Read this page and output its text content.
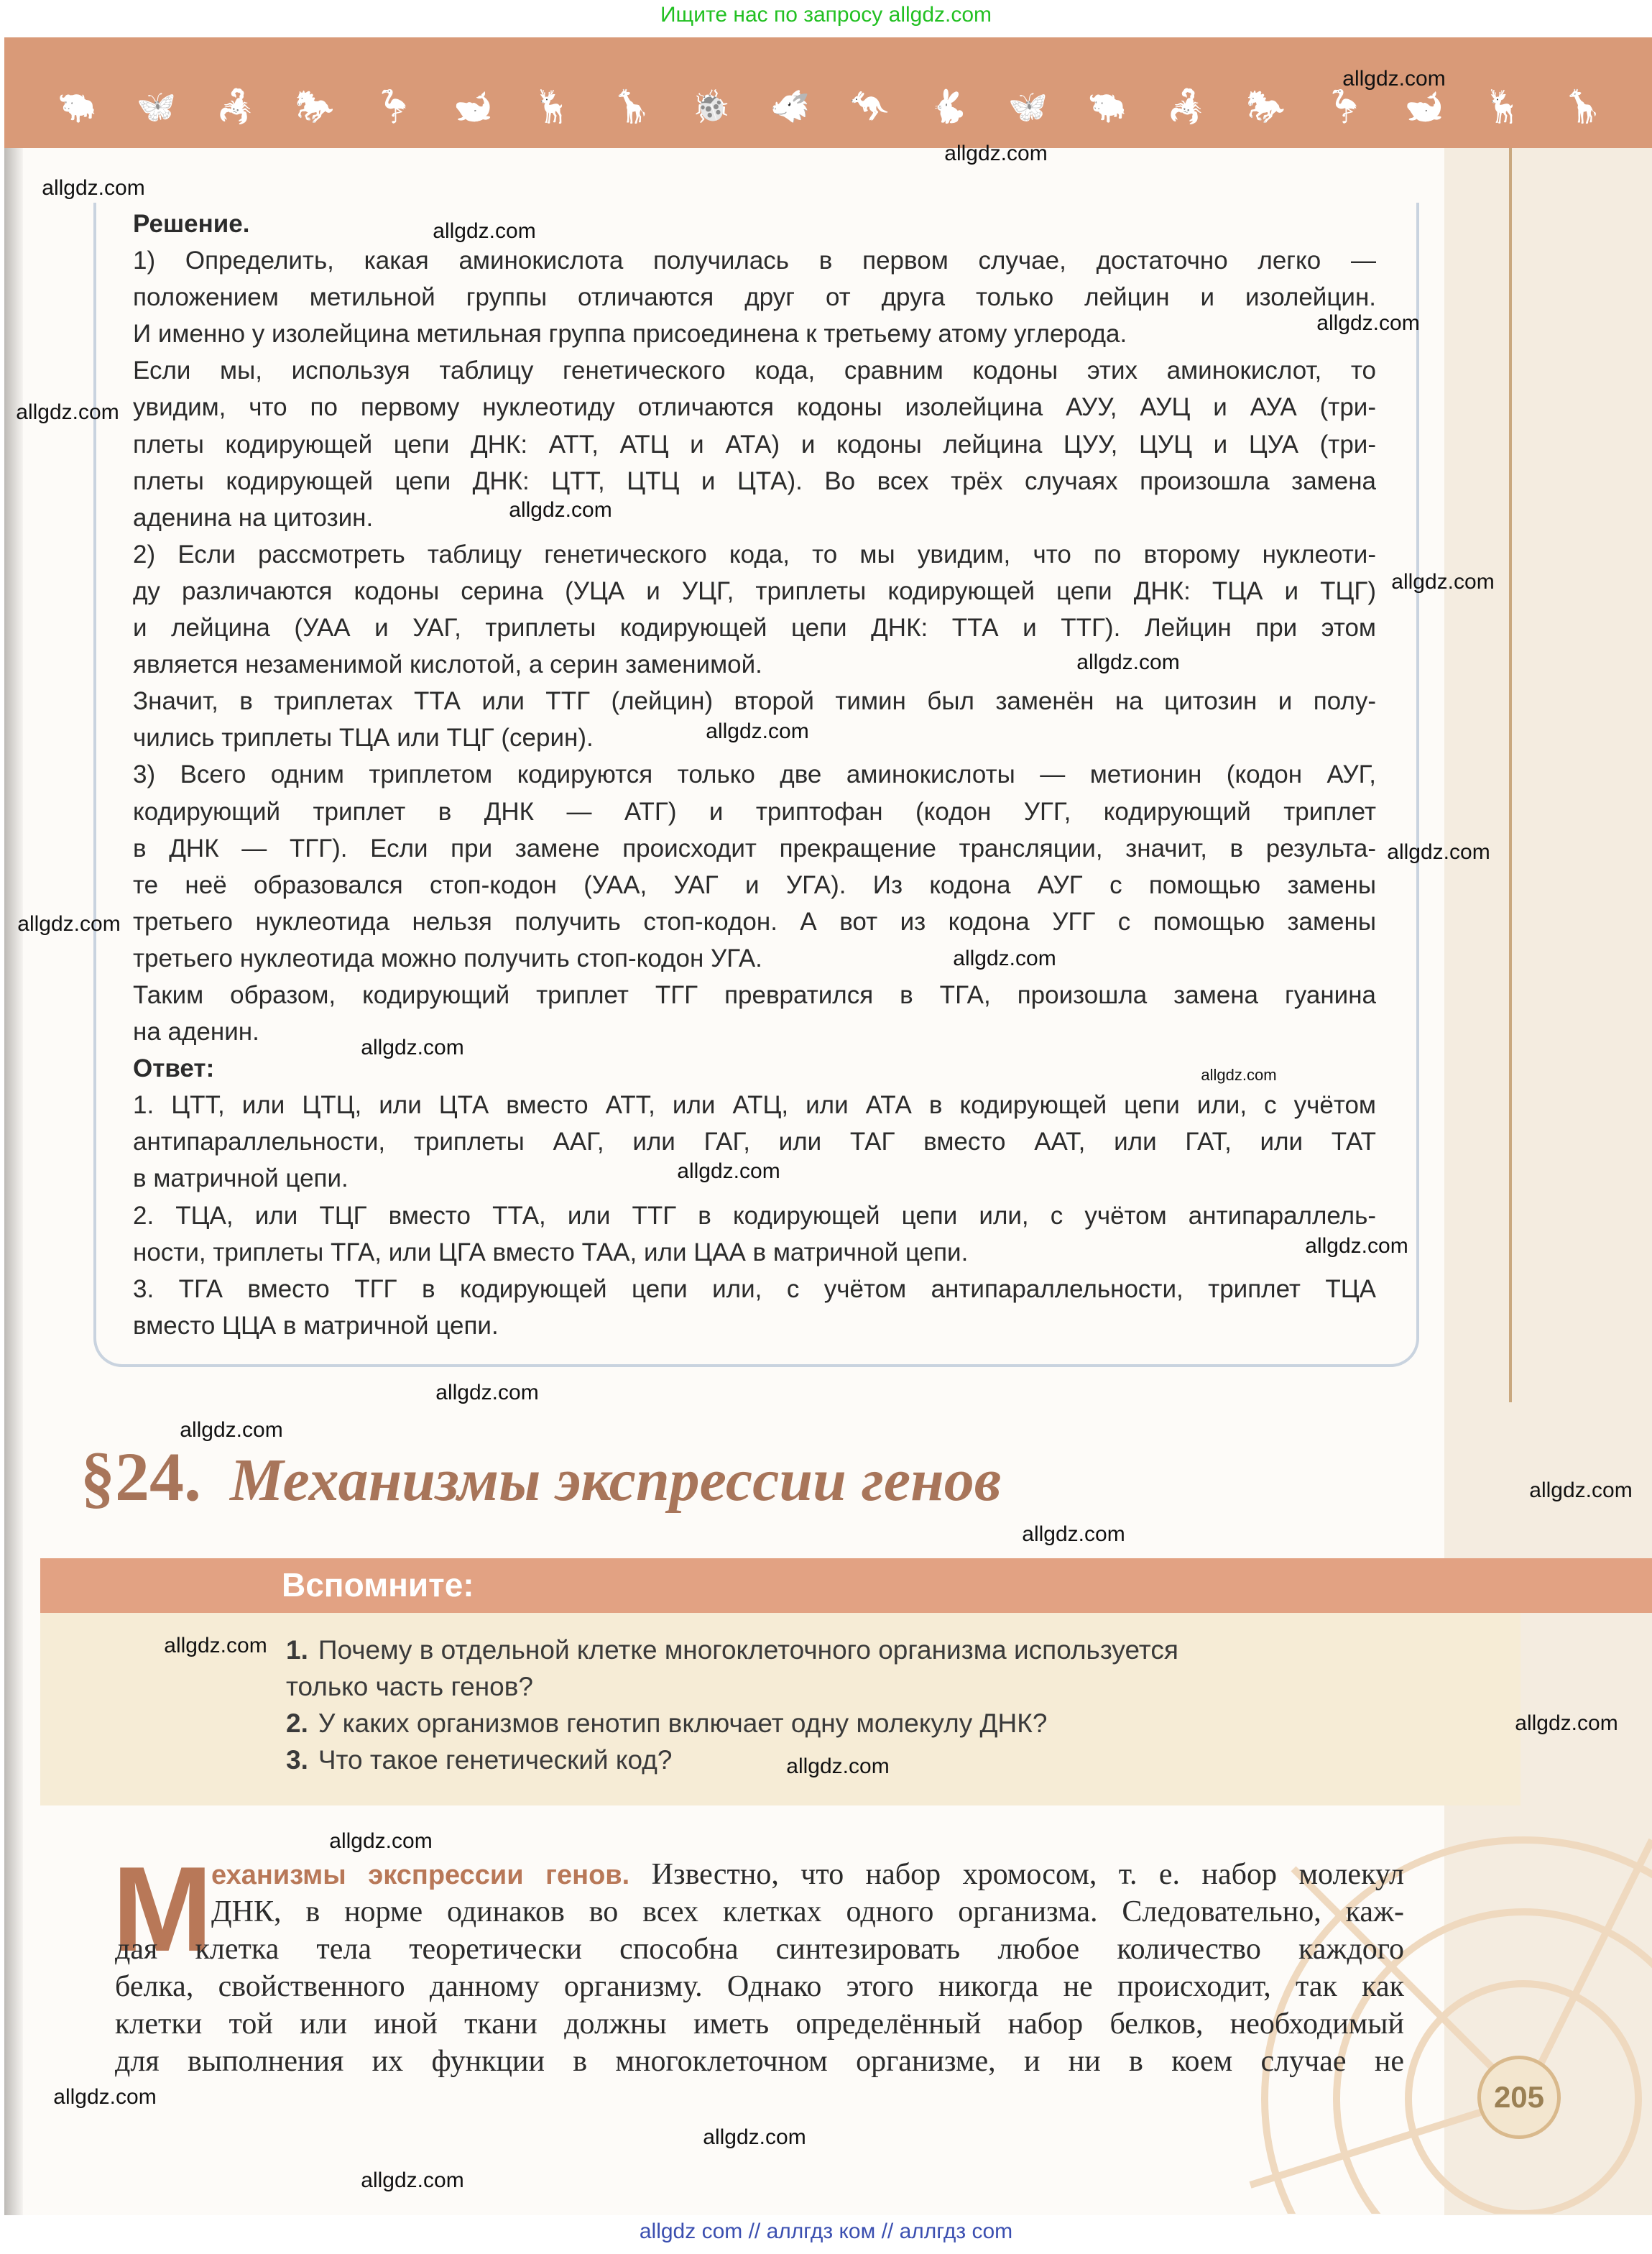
Ищите нас по запросу allgdz.com
🐃 🦋 🦂 🐎 🦩 🐋 🦌 🦒 🐞 🐗 🦘 🐇 🦋 🐃 🦂 🐎 🦩 🐋 🦌 🦒
Решение.
1) Определить, какая аминокислота получилась в первом случае, достаточно легко —
положением метильной группы отличаются друг от друга только лейцин и изолейцин.
И именно у изолейцина метильная группа присоединена к третьему атому углерода.
Если мы, используя таблицу генетического кода, сравним кодоны этих аминокислот, то
увидим, что по первому нуклеотиду отличаются кодоны изолейцина АУУ, АУЦ и АУА (три-
плеты кодирующей цепи ДНК: АТТ, АТЦ и АТА) и кодоны лейцина ЦУУ, ЦУЦ и ЦУА (три-
плеты кодирующей цепи ДНК: ЦТТ, ЦТЦ и ЦТА). Во всех трёх случаях произошла замена
аденина на цитозин.
2) Если рассмотреть таблицу генетического кода, то мы увидим, что по второму нуклеоти-
ду различаются кодоны серина (УЦА и УЦГ, триплеты кодирующей цепи ДНК: ТЦА и ТЦГ)
и лейцина (УАА и УАГ, триплеты кодирующей цепи ДНК: ТТА и ТТГ). Лейцин при этом
является незаменимой кислотой, а серин заменимой.
Значит, в триплетах ТТА или ТТГ (лейцин) второй тимин был заменён на цитозин и полу-
чились триплеты ТЦА или ТЦГ (серин).
3) Всего одним триплетом кодируются только две аминокислоты — метионин (кодон АУГ,
кодирующий триплет в ДНК — АТГ) и триптофан (кодон УГГ, кодирующий триплет
в ДНК — ТГГ). Если при замене происходит прекращение трансляции, значит, в результа-
те неё образовался стоп-кодон (УАА, УАГ и УГА). Из кодона АУГ с помощью замены
третьего нуклеотида нельзя получить стоп-кодон. А вот из кодона УГГ с помощью замены
третьего нуклеотида можно получить стоп-кодон УГА.
Таким образом, кодирующий триплет ТГГ превратился в ТГА, произошла замена гуанина
на аденин.
Ответ:
1. ЦТТ, или ЦТЦ, или ЦТА вместо АТТ, или АТЦ, или АТА в кодирующей цепи или, с учётом
антипараллельности, триплеты ААГ, или ГАГ, или ТАГ вместо ААТ, или ГАТ, или ТАТ
в матричной цепи.
2. ТЦА, или ТЦГ вместо ТТА, или ТТГ в кодирующей цепи или, с учётом антипараллель-
ности, триплеты ТГА, или ЦГА вместо ТАА, или ЦАА в матричной цепи.
3. ТГА вместо ТГГ в кодирующей цепи или, с учётом антипараллельности, триплет ТЦА
вместо ЦЦА в матричной цепи.
§24. Механизмы экспрессии генов
Вспомните:
1. Почему в отдельной клетке многоклеточного организма используется
только часть генов?
2. У каких организмов генотип включает одну молекулу ДНК?
3. Что такое генетический код?
М
еханизмы экспрессии генов. Известно, что набор хромосом, т. е. набор молекул
ДНК, в норме одинаков во всех клетках одного организма. Следовательно, каж-
дая клетка тела теоретически способна синтезировать любое количество каждого
белка, свойственного данному организму. Однако этого никогда не происходит, так как
клетки той или иной ткани должны иметь определённый набор белков, необходимый
для выполнения их функции в многоклеточном организме, и ни в коем случае не
205
allgdz.com
allgdz.com
allgdz.com
allgdz.com
allgdz.com
allgdz.com
allgdz.com
allgdz.com
allgdz.com
allgdz.com
allgdz.com
allgdz.com
allgdz.com
allgdz.com
allgdz.com
allgdz.com
allgdz.com
allgdz.com
allgdz.com
allgdz.com
allgdz.com
allgdz.com
allgdz.com
allgdz.com
allgdz.com
allgdz.com
allgdz.com
allgdz.com
allgdz com // аллгдз ком // аллгдз com
